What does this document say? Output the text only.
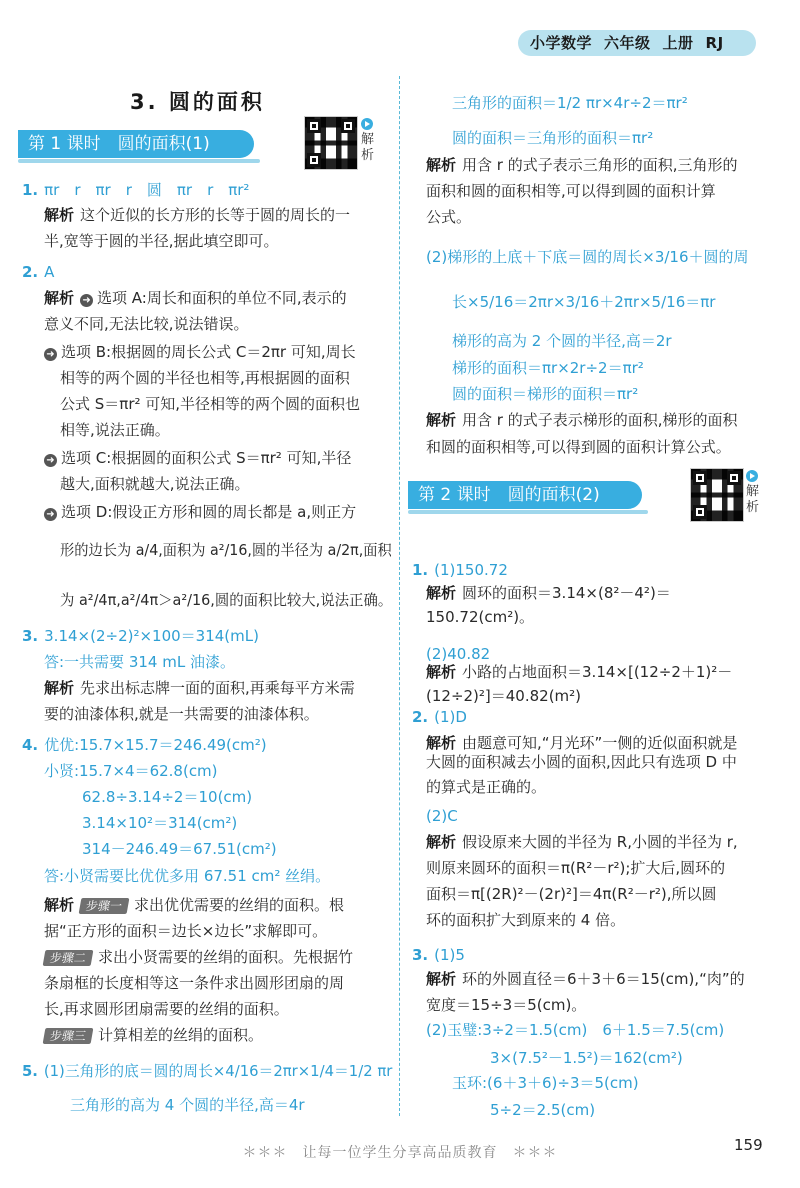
小学数学 六年级 上册 RJ
3. 圆的面积
第 1 课时　圆的面积(1)	解析
1. πr　r　πr　r　圆　πr　r　πr²
解析 这个近似的长方形的长等于圆的周长的一
半,宽等于圆的半径,据此填空即可。
2. A
解析 ➜ 选项 A:周长和面积的单位不同,表示的
意义不同,无法比较,说法错误。
➜ 选项 B:根据圆的周长公式 C＝2πr 可知,周长
相等的两个圆的半径也相等,再根据圆的面积
公式 S＝πr² 可知,半径相等的两个圆的面积也
相等,说法正确。
➜ 选项 C:根据圆的面积公式 S＝πr² 可知,半径
越大,面积就越大,说法正确。
➜ 选项 D:假设正方形和圆的周长都是 a,则正方
形的边长为 a/4,面积为 a²/16,圆的半径为 a/2π,面积
为 a²/4π,a²/4π＞a²/16,圆的面积比较大,说法正确。
3. 3.14×(2÷2)²×100＝314(mL)
答:一共需要 314 mL 油漆。
解析 先求出标志牌一面的面积,再乘每平方米需
要的油漆体积,就是一共需要的油漆体积。
4. 优优:15.7×15.7＝246.49(cm²)
小贤:15.7×4＝62.8(cm)
62.8÷3.14÷2＝10(cm)
3.14×10²＝314(cm²)
314－246.49＝67.51(cm²)
答:小贤需要比优优多用 67.51 cm² 丝绢。
解析 步骤一 求出优优需要的丝绢的面积。根
据“正方形的面积＝边长×边长”求解即可。
步骤二 求出小贤需要的丝绢的面积。先根据竹
条扇框的长度相等这一条件求出圆形团扇的周
长,再求圆形团扇需要的丝绢的面积。
步骤三 计算相差的丝绢的面积。
5. (1)三角形的底＝圆的周长×4/16＝2πr×1/4＝1/2 πr
三角形的高为 4 个圆的半径,高＝4r
三角形的面积＝1/2 πr×4r÷2＝πr²
圆的面积＝三角形的面积＝πr²
解析 用含 r 的式子表示三角形的面积,三角形的
面积和圆的面积相等,可以得到圆的面积计算
公式。
(2)梯形的上底＋下底＝圆的周长×3/16＋圆的周
长×5/16＝2πr×3/16＋2πr×5/16＝πr
梯形的高为 2 个圆的半径,高＝2r
梯形的面积＝πr×2r÷2＝πr²
圆的面积＝梯形的面积＝πr²
解析 用含 r 的式子表示梯形的面积,梯形的面积
和圆的面积相等,可以得到圆的面积计算公式。
第 2 课时　圆的面积(2)	解析
1. (1)150.72
解析 圆环的面积＝3.14×(8²－4²)＝
150.72(cm²)。
(2)40.82
解析 小路的占地面积＝3.14×[(12÷2＋1)²－
(12÷2)²]＝40.82(m²)
2. (1)D
解析 由题意可知,“月光环”一侧的近似面积就是
大圆的面积减去小圆的面积,因此只有选项 D 中
的算式是正确的。
(2)C
解析 假设原来大圆的半径为 R,小圆的半径为 r,
则原来圆环的面积＝π(R²－r²);扩大后,圆环的
面积＝π[(2R)²－(2r)²]＝4π(R²－r²),所以圆
环的面积扩大到原来的 4 倍。
3. (1)5
解析 环的外圆直径＝6＋3＋6＝15(cm),“肉”的
宽度＝15÷3＝5(cm)。
(2)玉璧:3÷2＝1.5(cm)　6＋1.5＝7.5(cm)
3×(7.5²－1.5²)＝162(cm²)
玉环:(6＋3＋6)÷3＝5(cm)
5÷2＝2.5(cm)
＊＊＊　让每一位学生分享高品质教育　＊＊＊	159
